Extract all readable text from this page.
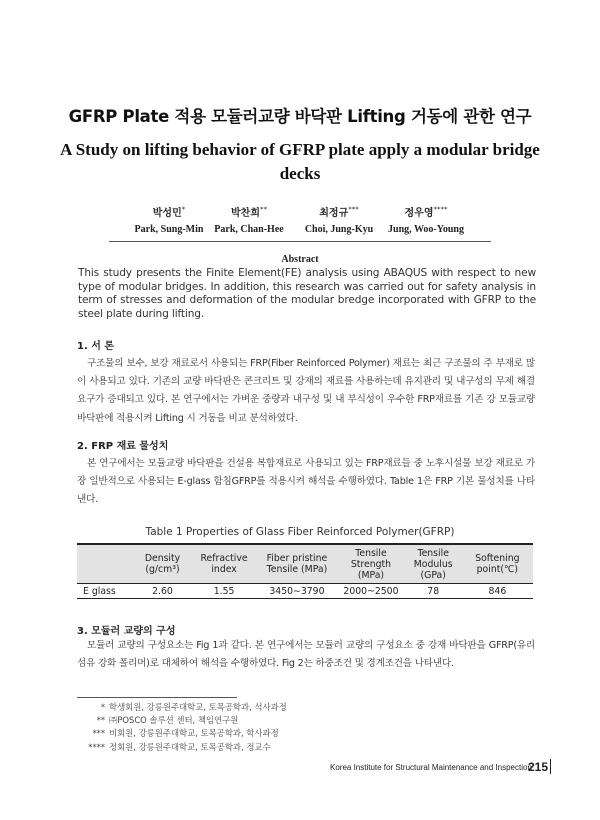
GFRP Plate 적용 모듈러교량 바닥판 Lifting 거동에 관한 연구
A Study on lifting behavior of GFRP plate apply a modular bridge decks
박성민*
Park, Sung-Min
박찬희**
Park, Chan-Hee
최정규***
Choi, Jung-Kyu
정우영****
Jung, Woo-Young
Abstract
This study presents the Finite Element(FE) analysis using ABAQUS with respect to new type of modular bridges. In addition, this research was carried out for safety analysis in term of stresses and deformation of the modular bredge incorporated with GFRP to the steel plate during lifting.
1. 서 론
구조물의 보수, 보강 재료로서 사용되는 FRP(Fiber Reinforced Polymer) 재료는 최근 구조물의 주 부재로 많이 사용되고 있다. 기존의 교량 바닥판은 콘크리트 및 강재의 재료를 사용하는데 유지관리 및 내구성의 무제 해결요구가 증대되고 있다. 본 연구에서는 가벼운 중량과 내구성 및 내 부식성이 우수한 FRP재료를 기존 강 모듈교량 바닥판에 적용시켜 Lifting 시 거동을 비교 분석하였다.
2. FRP 재료 물성치
본 연구에서는 모듈교량 바닥판을 건설용 복합재료로 사용되고 있는 FRP재료들 중 노후시설물 보강 재료로 가장 일반적으로 사용되는 E-glass 함침GFRP를 적용시켜 해석을 수행하였다. Table 1은 FRP 기본 물성치를 나타낸다.
Table 1 Properties of Glass Fiber Reinforced Polymer(GFRP)
	Density (g/cm³)	Refractive index	Fiber pristine Tensile (MPa)	Tensile Strength (MPa)	Tensile Modulus (GPa)	Softening point(℃)
E glass	2.60	1.55	3450∼3790	2000~2500	78	846
3. 모듈러 교량의 구성
모듈러 교량의 구성요소는 Fig 1과 같다. 본 연구에서는 모듈러 교량의 구성요소 중 강재 바닥판을 GFRP(유리 섬유 강화 폴리머)로 대체하여 해석을 수행하였다. Fig 2는 하중조건 및 경계조건을 나타낸다.
* 학생회원, 강릉원주대학교, 토목공학과, 석사과정
** ㈜POSCO 솔루션 센터, 책임연구원
*** 비회원, 강릉원주대학교, 토목공학과, 학사과정
**** 정회원, 강릉원주대학교, 토목공학과, 정교수
Korea Institute for Structural Maintenance and Inspection
215
